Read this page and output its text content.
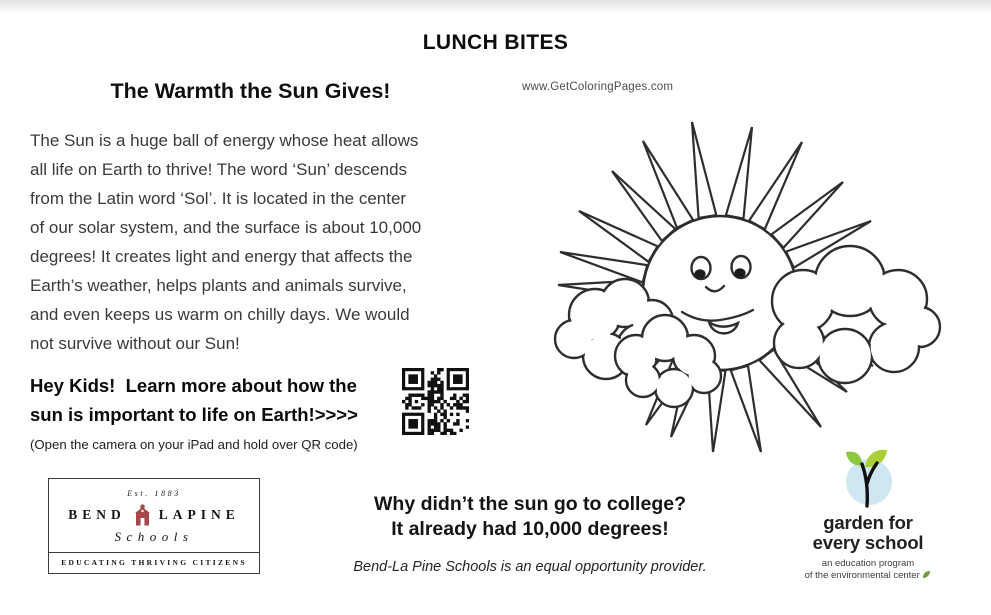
LUNCH BITES
The Warmth the Sun Gives!
The Sun is a huge ball of energy whose heat allows
all life on Earth to thrive! The word ‘Sun’ descends
from the Latin word ‘Sol’. It is located in the center
of our solar system, and the surface is about 10,000
degrees! It creates light and energy that affects the
Earth’s weather, helps plants and animals survive,
and even keeps us warm on chilly days. We would
not survive without our Sun!
Hey Kids!  Learn more about how the
sun is important to life on Earth!>>>>
(Open the camera on your iPad and hold over QR code)
www.GetColoringPages.com
Est. 1883
BEND LAPINE
Schools
EDUCATING THRIVING CITIZENS
Why didn’t the sun go to college?
It already had 10,000 degrees!
Bend-La Pine Schools is an equal opportunity provider.
garden for
every school
an education program
of the environmental center
